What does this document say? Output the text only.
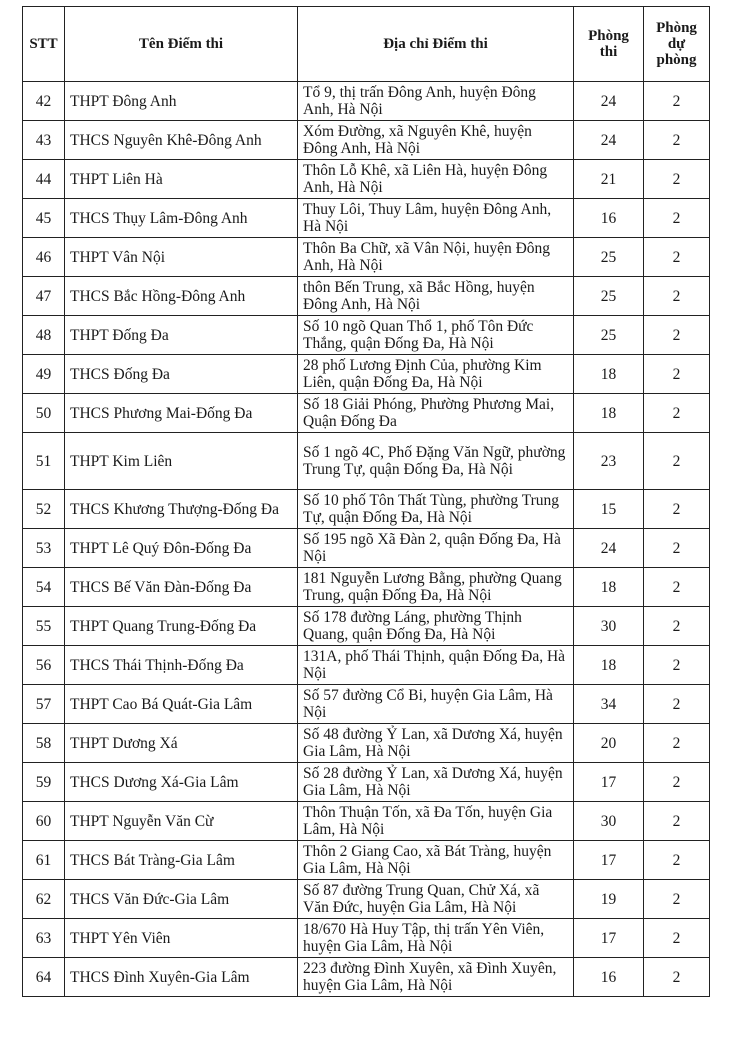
STT	Tên Điểm thi	Địa chỉ Điểm thi	Phòng thi	Phòng dự phòng
42	THPT Đông Anh	Tổ 9, thị trấn Đông Anh, huyện Đông Anh, Hà Nội	24	2
43	THCS Nguyên Khê-Đông Anh	Xóm Đường, xã Nguyên Khê, huyện Đông Anh, Hà Nội	24	2
44	THPT Liên Hà	Thôn Lỗ Khê, xã Liên Hà, huyện Đông Anh, Hà Nội	21	2
45	THCS Thụy Lâm-Đông Anh	Thuy Lôi, Thuy Lâm, huyện Đông Anh, Hà Nội	16	2
46	THPT Vân Nội	Thôn Ba Chữ, xã Vân Nội, huyện Đông Anh, Hà Nội	25	2
47	THCS Bắc Hồng-Đông Anh	thôn Bến Trung, xã Bắc Hồng, huyện Đông Anh, Hà Nội	25	2
48	THPT Đống Đa	Số 10 ngõ Quan Thổ 1, phố Tôn Đức Thắng, quận Đống Đa, Hà Nội	25	2
49	THCS Đống Đa	28 phố Lương Định Của, phường Kim Liên, quận Đống Đa, Hà Nội	18	2
50	THCS Phương Mai-Đống Đa	Số 18 Giải Phóng, Phường Phương Mai, Quận Đống Đa	18	2
51	THPT Kim Liên	Số 1 ngõ 4C, Phố Đặng Văn Ngữ, phường Trung Tự, quận Đống Đa, Hà Nội	23	2
52	THCS Khương Thượng-Đống Đa	Số 10 phố Tôn Thất Tùng, phường Trung Tự, quận Đống Đa, Hà Nội	15	2
53	THPT Lê Quý Đôn-Đống Đa	Số 195 ngõ Xã Đàn 2, quận Đống Đa, Hà Nội	24	2
54	THCS Bế Văn Đàn-Đống Đa	181 Nguyễn Lương Bằng, phường Quang Trung, quận Đống Đa, Hà Nội	18	2
55	THPT Quang Trung-Đống Đa	Số 178 đường Láng, phường Thịnh Quang, quận Đống Đa, Hà Nội	30	2
56	THCS Thái Thịnh-Đống Đa	131A, phố Thái Thịnh, quận Đống Đa, Hà Nội	18	2
57	THPT Cao Bá Quát-Gia Lâm	Số 57 đường Cổ Bi, huyện Gia Lâm, Hà Nội	34	2
58	THPT Dương Xá	Số 48 đường Ỷ Lan, xã Dương Xá, huyện Gia Lâm, Hà Nội	20	2
59	THCS Dương Xá-Gia Lâm	Số 28 đường Ỷ Lan, xã Dương Xá, huyện Gia Lâm, Hà Nội	17	2
60	THPT Nguyễn Văn Cừ	Thôn Thuận Tốn, xã Đa Tốn, huyện Gia Lâm, Hà Nội	30	2
61	THCS Bát Tràng-Gia Lâm	Thôn 2 Giang Cao, xã Bát Tràng, huyện Gia Lâm, Hà Nội	17	2
62	THCS Văn Đức-Gia Lâm	Số 87 đường Trung Quan, Chử Xá, xã Văn Đức, huyện Gia Lâm, Hà Nội	19	2
63	THPT Yên Viên	18/670 Hà Huy Tập, thị trấn Yên Viên, huyện Gia Lâm, Hà Nội	17	2
64	THCS Đình Xuyên-Gia Lâm	223 đường Đình Xuyên, xã Đình Xuyên, huyện Gia Lâm, Hà Nội	16	2
